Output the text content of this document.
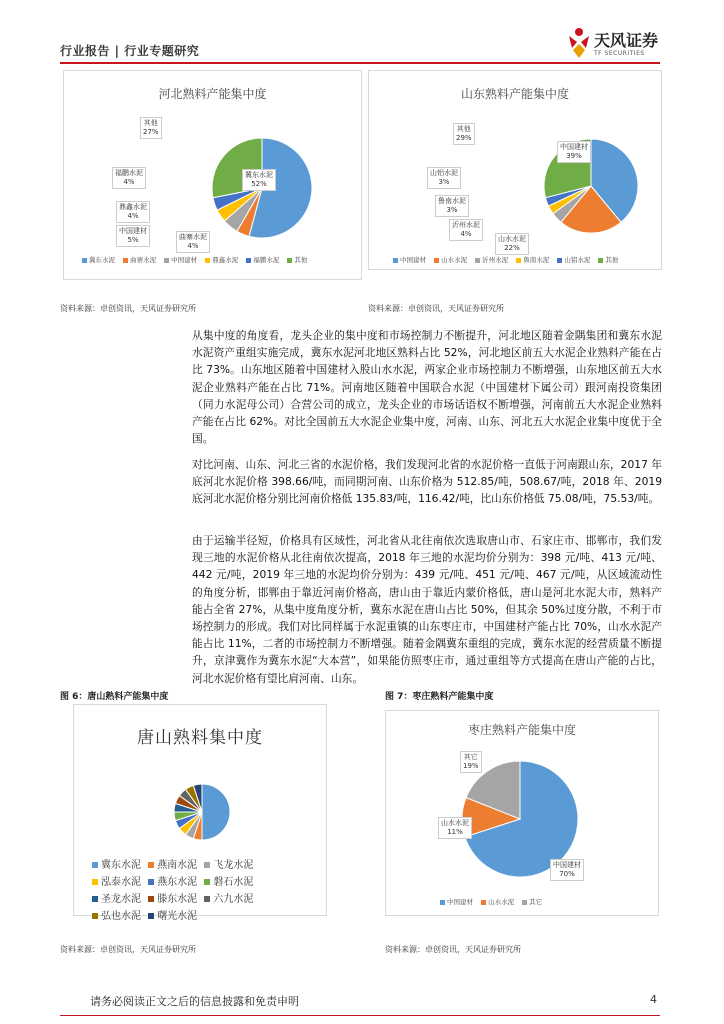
行业报告 | 行业专题研究
天风证券
TF SECURITIES
河北熟料产能集中度
冀东水泥
52%
曲寨水泥
4%
中国建材
5%
鼎鑫水泥
4%
福鹏水泥
4%
其他
27%
冀东水泥 曲寨水泥 中国建材 鼎鑫水泥 福鹏水泥 其他
资料来源：卓创资讯，天风证券研究所
山东熟料产能集中度
中国建材
39%
山水水泥
22%
沂州水泥
4%
鲁南水泥
3%
山铝水泥
3%
其他
29%
中国建材 山水水泥 沂州水泥 鲁南水泥 山铝水泥 其他
资料来源：卓创资讯，天风证券研究所
从集中度的角度看，龙头企业的集中度和市场控制力不断提升，河北地区随着金隅集团和冀东水泥水泥资产重组实施完成，冀东水泥河北地区熟料占比 52%，河北地区前五大水泥企业熟料产能在占比 73%。山东地区随着中国建材入股山水水泥，两家企业市场控制力不断增强，山东地区前五大水泥企业熟料产能在占比 71%。河南地区随着中国联合水泥（中国建材下属公司）跟河南投资集团（同力水泥母公司）合营公司的成立，龙头企业的市场话语权不断增强，河南前五大水泥企业熟料产能在占比 62%。对比全国前五大水泥企业集中度，河南、山东、河北五大水泥企业集中度优于全国。
对比河南、山东、河北三省的水泥价格，我们发现河北省的水泥价格一直低于河南跟山东，2017 年底河北水泥价格 398.66/吨，而同期河南、山东价格为 512.85/吨，508.67/吨，2018 年、2019 底河北水泥价格分别比河南价格低 135.83/吨，116.42/吨，比山东价格低 75.08/吨，75.53/吨。
由于运输半径短，价格具有区域性，河北省从北往南依次选取唐山市、石家庄市、邯郸市，我们发现三地的水泥价格从北往南依次提高，2018 年三地的水泥均价分别为：398 元/吨、413 元/吨、442 元/吨，2019 年三地的水泥均价分别为：439 元/吨、451 元/吨、467 元/吨，从区域流动性的角度分析，邯郸由于靠近河南价格高，唐山由于靠近内蒙价格低，唐山是河北水泥大市，熟料产能占全省 27%，从集中度角度分析，冀东水泥在唐山占比 50%，但其余 50%过度分散，不利于市场控制力的形成。我们对比同样属于水泥重镇的山东枣庄市，中国建材产能占比 70%，山水水泥产能占比 11%，二者的市场控制力不断增强。随着金隅冀东重组的完成，冀东水泥的经营质量不断提升，京津冀作为冀东水泥“大本营”，如果能仿照枣庄市，通过重组等方式提高在唐山产能的占比，河北水泥价格有望比肩河南、山东。
图 6：唐山熟料产能集中度
唐山熟料集中度
冀东水泥 燕南水泥 飞龙水泥 泓泰水泥 燕东水泥 磐石水泥 圣龙水泥 滕东水泥 六九水泥 弘也水泥 曙光水泥
资料来源：卓创资讯，天风证券研究所
图 7：枣庄熟料产能集中度
枣庄熟料产能集中度
中国建材
70%
山水水泥
11%
其它
19%
中国建材 山水水泥 其它
资料来源：卓创资讯，天风证券研究所
请务必阅读正文之后的信息披露和免责申明	4
